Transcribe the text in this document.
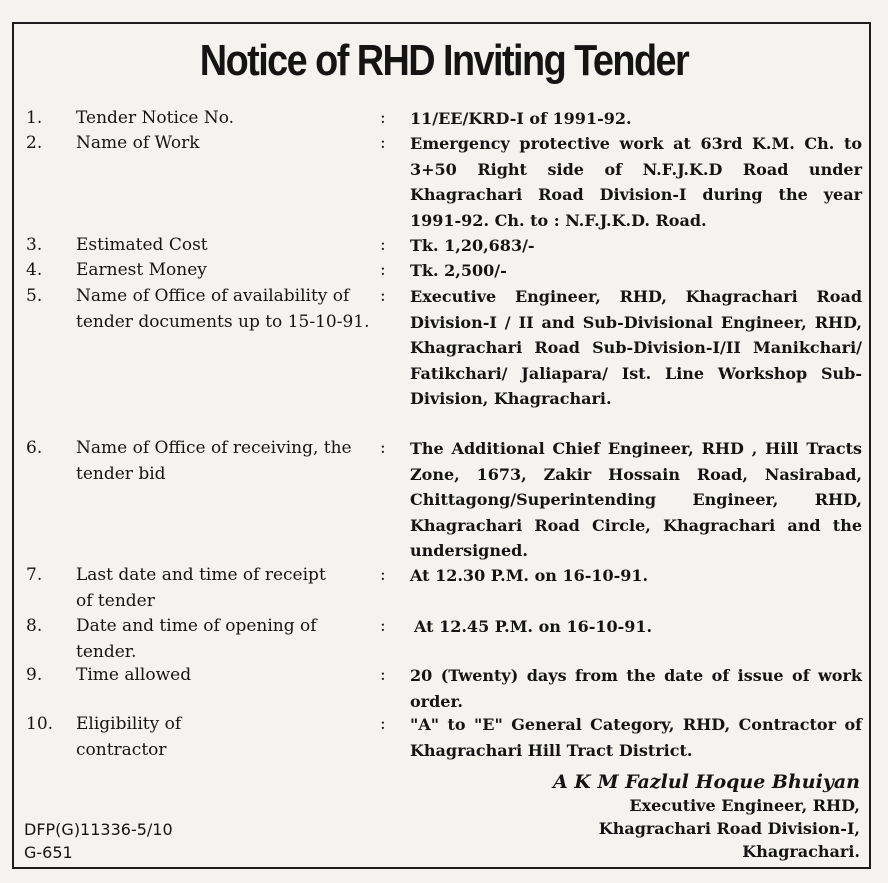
Notice of RHD Inviting Tender
1. Tender Notice No.	: 11/EE/KRD-I of 1991-92.
2. Name of Work	: Emergency protective work at 63rd K.M. Ch. to 3+50 Right side of N.F.J.K.D Road under Khagrachari Road Division-I during the year 1991-92. Ch. to : N.F.J.K.D. Road.
3. Estimated Cost	: Tk. 1,20,683/-
4. Earnest Money	: Tk. 2,500/-
5. Name of Office of availability of tender documents up to 15-10-91.
: Executive Engineer, RHD, Khagrachari Road Division-I / II and Sub-Divisional Engineer, RHD, Khagrachari Road Sub-Division-I/II Manikchari/ Fatikchari/ Jaliapara/ Ist. Line Workshop Sub-Division, Khagrachari.
6. Name of Office of receiving, the tender bid
: The Additional Chief Engineer, RHD , Hill Tracts Zone, 1673, Zakir Hossain Road, Nasirabad, Chittagong/Superintending Engineer, RHD, Khagrachari Road Circle, Khagrachari and the undersigned.
7. Last date and time of receipt of tender
: At 12.30 P.M. on 16-10-91.
8. Date and time of opening of tender.
: At 12.45 P.M. on 16-10-91.
9. Time allowed	: 20 (Twenty) days from the date of issue of work order.
10. Eligibility of contractor
: "A" to "E" General Category, RHD, Contractor of Khagrachari Hill Tract District.
A K M Fazlul Hoque Bhuiyan
Executive Engineer, RHD,
Khagrachari Road Division-I,
Khagrachari.
DFP(G)11336-5/10
G-651
